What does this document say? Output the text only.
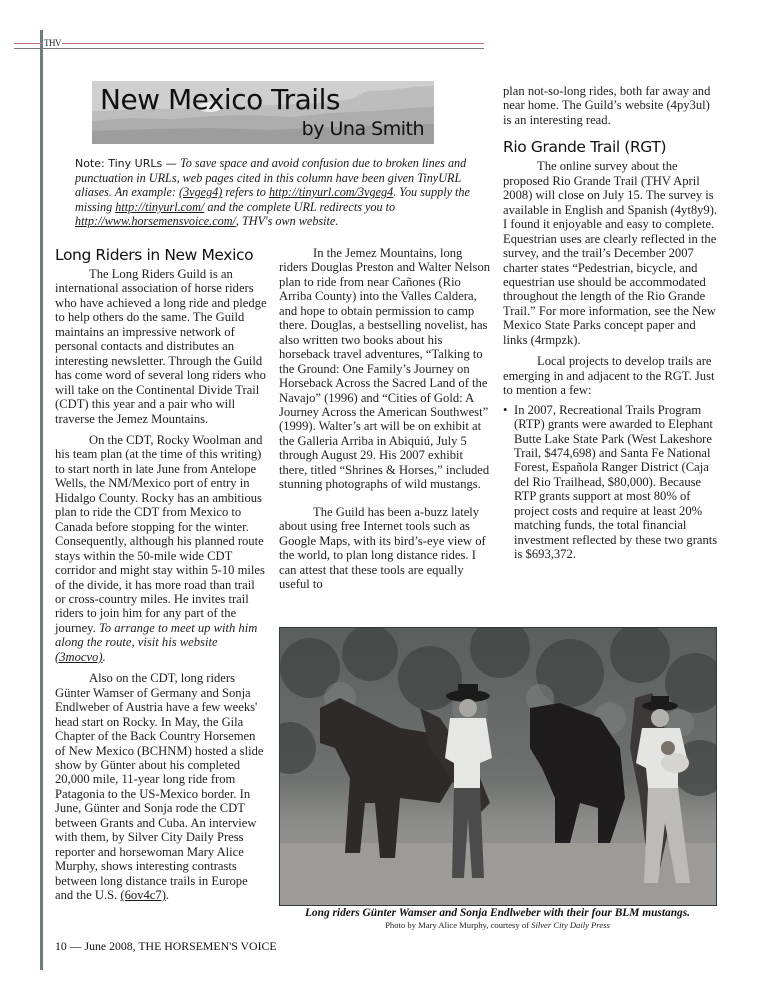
THV
New Mexico Trails
by Una Smith
Note: Tiny URLs — To save space and avoid confusion due to broken lines and punctuation in URLs, web pages cited in this column have been given TinyURL aliases. An example: (3vgeg4) refers to http://tinyurl.com/3vgeg4. You supply the missing http://tinyurl.com/ and the complete URL redirects you to http://www.horsemensvoice.com/, THV's own website.
Long Riders in New Mexico

The Long Riders Guild is an international association of horse riders who have achieved a long ride and pledge to help others do the same. The Guild maintains an impressive network of personal contacts and distributes an interesting newsletter. Through the Guild has come word of several long riders who will take on the Continental Divide Trail (CDT) this year and a pair who will traverse the Jemez Mountains.

On the CDT, Rocky Woolman and his team plan (at the time of this writing) to start north in late June from Antelope Wells, the NM/Mexico port of entry in Hidalgo County. Rocky has an ambitious plan to ride the CDT from Mexico to Canada before stopping for the winter. Consequently, although his planned route stays within the 50-mile wide CDT corridor and might stay within 5-10 miles of the divide, it has more road than trail or cross-country miles. He invites trail riders to join him for any part of the journey. To arrange to meet up with him along the route, visit his website (3mocvo).

Also on the CDT, long riders Günter Wamser of Germany and Sonja Endlweber of Austria have a few weeks' head start on Rocky. In May, the Gila Chapter of the Back Country Horsemen of New Mexico (BCHNM) hosted a slide show by Günter about his completed 20,000 mile, 11-year long ride from Patagonia to the US-Mexico border. In June, Günter and Sonja rode the CDT between Grants and Cuba. An interview with them, by Silver City Daily Press reporter and horsewoman Mary Alice Murphy, shows interesting contrasts between long distance trails in Europe and the U.S. (6ov4c7).

In the Jemez Mountains, long riders Douglas Preston and Walter Nelson plan to ride from near Cañones (Rio Arriba County) into the Valles Caldera, and hope to obtain permission to camp there. Douglas, a bestselling novelist, has also written two books about his horseback travel adventures, “Talking to the Ground: One Family’s Journey on Horseback Across the Sacred Land of the Navajo” (1996) and “Cities of Gold: A Journey Across the American Southwest” (1999). Walter’s art will be on exhibit at the Galleria Arriba in Abiquiú, July 5 through August 29. His 2007 exhibit there, titled “Shrines & Horses,” included stunning photographs of wild mustangs.

The Guild has been a-buzz lately about using free Internet tools such as Google Maps, with its bird’s-eye view of the world, to plan long distance rides. I can attest that these tools are equally useful to

plan not-so-long rides, both far away and near home. The Guild’s website (4py3ul) is an interesting read.

Rio Grande Trail (RGT)

The online survey about the proposed Rio Grande Trail (THV April 2008) will close on July 15. The survey is available in English and Spanish (4yt8y9). I found it enjoyable and easy to complete. Equestrian uses are clearly reflected in the survey, and the trail’s December 2007 charter states “Pedestrian, bicycle, and equestrian use should be accommodated throughout the length of the Rio Grande Trail.” For more information, see the New Mexico State Parks concept paper and links (4rmpzk).

Local projects to develop trails are emerging in and adjacent to the RGT. Just to mention a few:

• In 2007, Recreational Trails Program (RTP) grants were awarded to Elephant Butte Lake State Park (West Lakeshore Trail, $474,698) and Santa Fe National Forest, Española Ranger District (Caja del Rio Trailhead, $80,000). Because RTP grants support at most 80% of project costs and require at least 20% matching funds, the total financial investment reflected by these two grants is $693,372.
Long riders Günter Wamser and Sonja Endlweber with their four BLM mustangs.
Photo by Mary Alice Murphy, courtesy of Silver City Daily Press
10 — June 2008, THE HORSEMEN'S VOICE
